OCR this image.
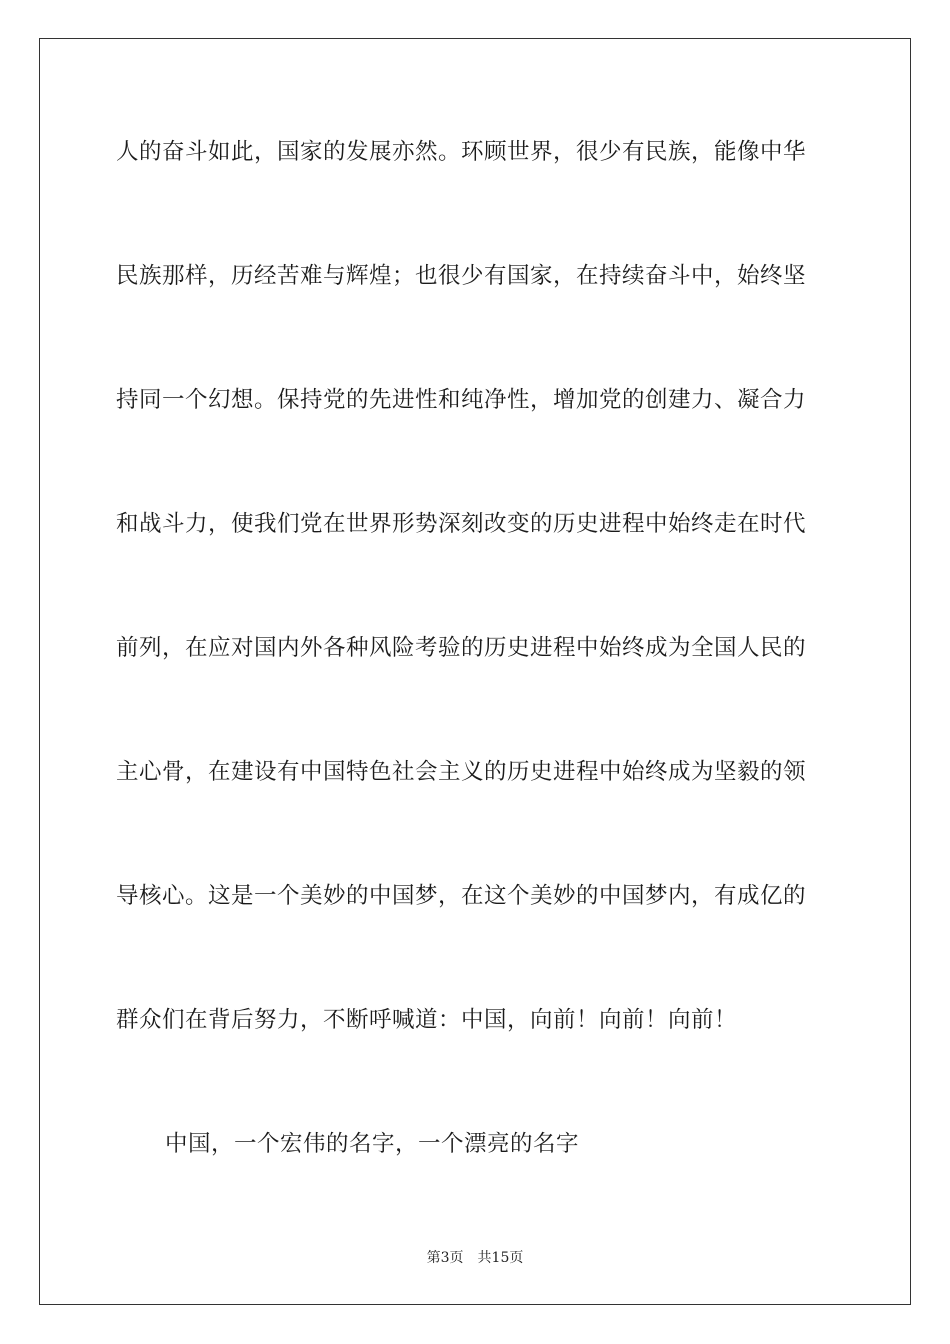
人的奋斗如此，国家的发展亦然。环顾世界，很少有民族，能像中华
民族那样，历经苦难与辉煌；也很少有国家，在持续奋斗中，始终坚
持同一个幻想。保持党的先进性和纯净性，增加党的创建力、凝合力
和战斗力，使我们党在世界形势深刻改变的历史进程中始终走在时代
前列，在应对国内外各种风险考验的历史进程中始终成为全国人民的
主心骨，在建设有中国特色社会主义的历史进程中始终成为坚毅的领
导核心。这是一个美妙的中国梦，在这个美妙的中国梦内，有成亿的
群众们在背后努力，不断呼喊道：中国，向前！向前！向前！
中国，一个宏伟的名字，一个漂亮的名字
第3页 共15页
